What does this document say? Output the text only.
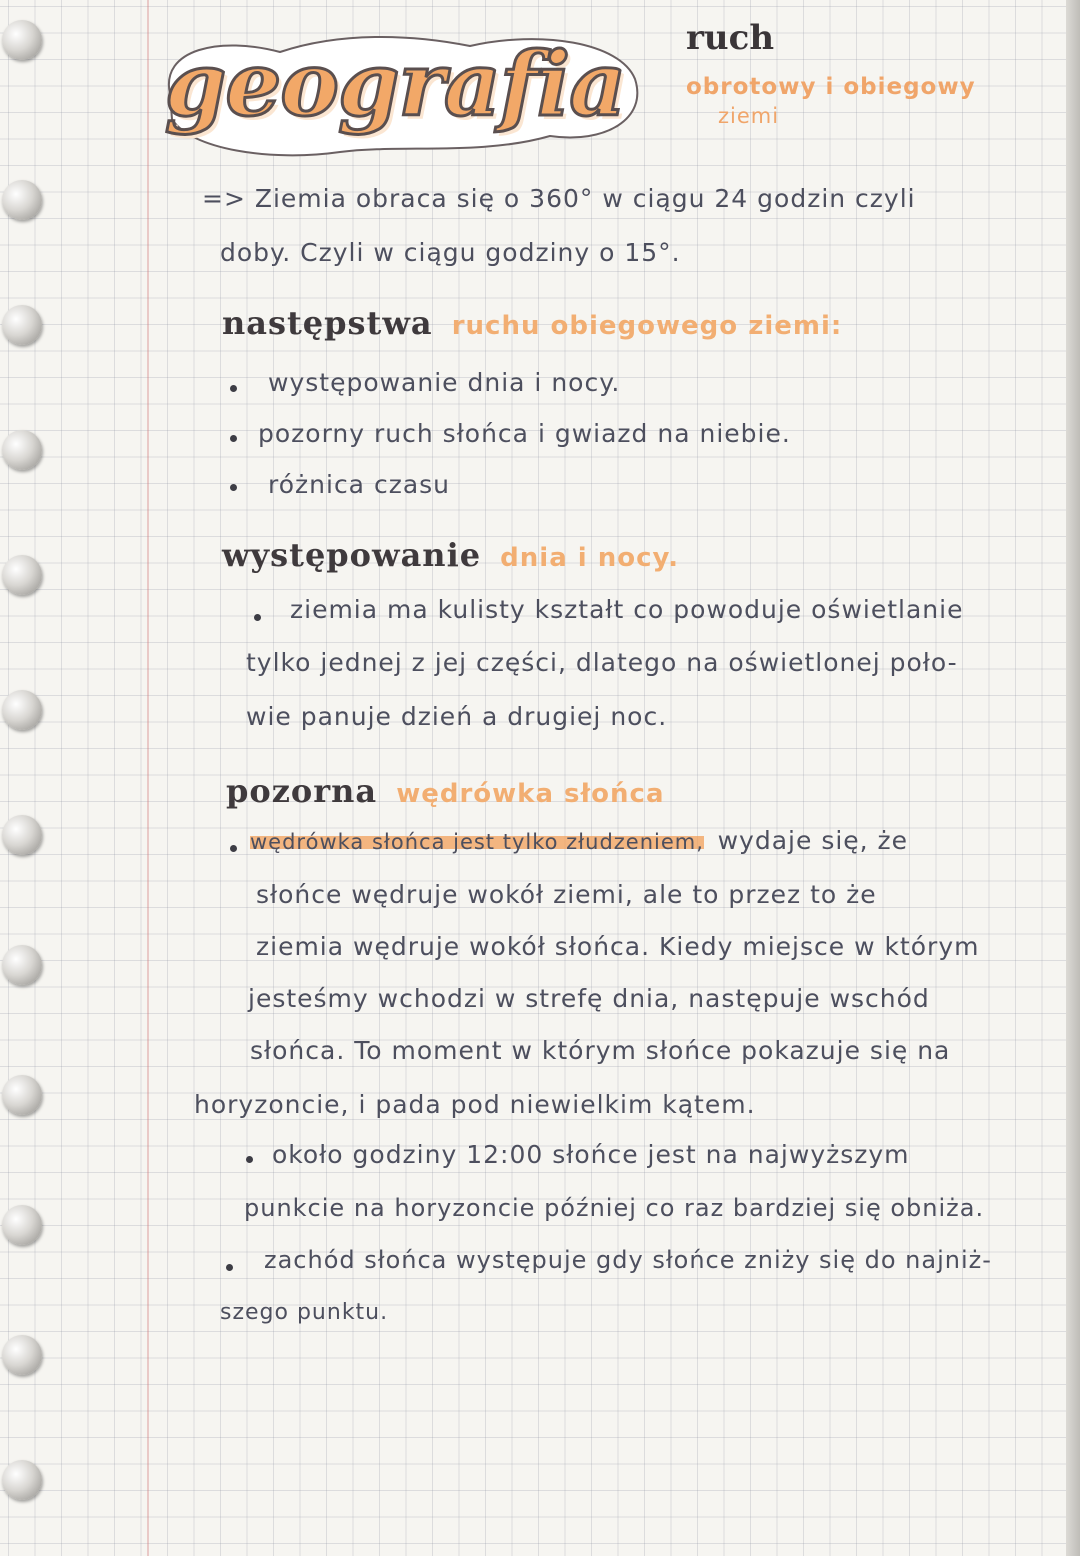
geografia	ruch
obrotowy i obiegowy
ziemi
=> Ziemia obraca się o 360° w ciągu 24 godzin czyli
doby. Czyli w ciągu godziny o 15°.
następstwa ruchu obiegowego ziemi:
występowanie dnia i nocy.
pozorny ruch słońca i gwiazd na niebie.
różnica czasu
występowanie dnia i nocy.
ziemia ma kulisty kształt co powoduje oświetlanie
tylko jednej z jej części, dlatego na oświetlonej poło-
wie panuje dzień a drugiej noc.
pozorna wędrówka słońca
wędrówka słońca jest tylko złudzeniem, wydaje się, że
słońce wędruje wokół ziemi, ale to przez to że
ziemia wędruje wokół słońca. Kiedy miejsce w którym
jesteśmy wchodzi w strefę dnia, następuje wschód
słońca. To moment w którym słońce pokazuje się na
horyzoncie, i pada pod niewielkim kątem.
około godziny 12:00 słońce jest na najwyższym
punkcie na horyzoncie później co raz bardziej się obniża.
zachód słońca występuje gdy słońce zniży się do najniż-
szego punktu.
